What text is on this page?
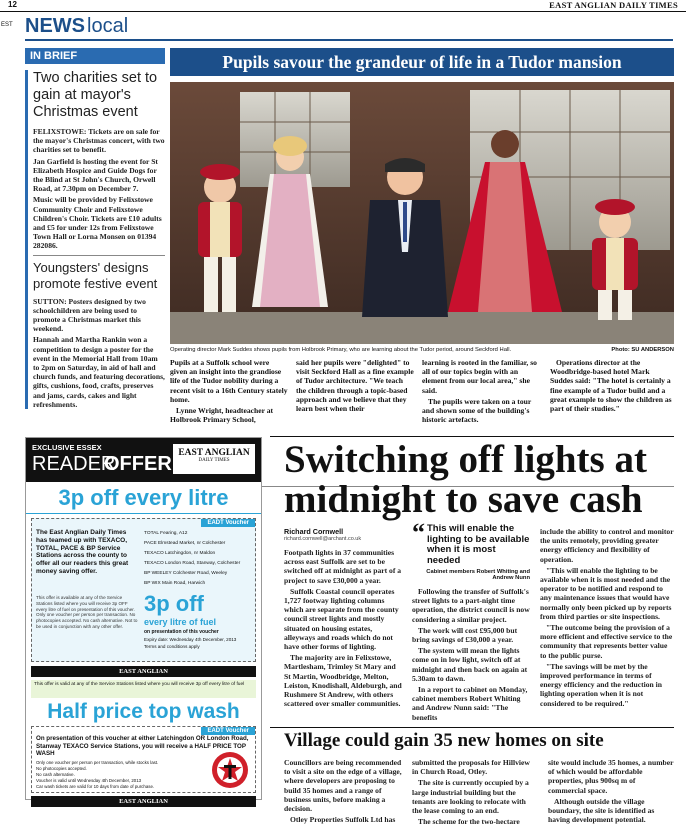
12	EAST ANGLIAN DAILY TIMES
EST NEWS local
IN BRIEF
Two charities set to gain at mayor's Christmas event

FELIXSTOWE: Tickets are on sale for the mayor's Christmas concert, with two charities set to benefit.

Jan Garfield is hosting the event for St Elizabeth Hospice and Guide Dogs for the Blind at St John's Church, Orwell Road, at 7.30pm on December 7.

Music will be provided by Felixstowe Community Choir and Felixstowe Children's Choir. Tickets are £10 adults and £5 for under 12s from Felixstowe Town Hall or Lorna Monsen on 01394 282086.

Youngsters' designs promote festive event

SUTTON: Posters designed by two schoolchildren are being used to promote a Christmas market this weekend.

Hannah and Martha Rankin won a competition to design a poster for the event in the Memorial Hall from 10am to 2pm on Saturday, in aid of hall and church funds, and featuring decorations, gifts, cushions, food, crafts, preserves and jams, cards, cakes and light refreshments.

Pupils savour the grandeur of life in a Tudor mansion
Operating director Mark Suddes shows pupils from Holbrook Primary, who are learning about the Tudor period, around Seckford Hall.	Photo: SU ANDERSON

Pupils at a Suffolk school were given an insight into the grandiose life of the Tudor nobility during a recent visit to a 16th Century stately home.

Lynne Wright, headteacher at Holbrook Primary School,

said her pupils were "delighted" to visit Seckford Hall as a fine example of Tudor architecture. "We teach the children through a topic-based approach and we believe that they learn best when their

learning is rooted in the familiar, so all of our topics begin with an element from our local area," she said.

The pupils were taken on a tour and shown some of the building's historic artefacts.

Operations director at the Woodbridge-based hotel Mark Suddes said: "The hotel is certainly a fine example of a Tudor build and a great example to show the children as part of their studies."

EXCLUSIVE ESSEX
READER
OFFER EAST ANGLIAN
DAILY TIMES
3p off every litre
EADT Voucher
The East Anglian Daily Times has teamed up with TEXACO, TOTAL, PACE & BP Service Stations across the county to offer all our readers this great money saving offer.
This offer is available at any of the Service Stations listed where you will receive 3p OFF every litre of fuel on presentation of this voucher. Only one voucher per person per transaction. No photocopies accepted. No cash alternative. Not to be used in conjunction with any other offer.
TOTAL Fearing, A12
PACE Elmstead Market, nr Colchester
TEXACO Latchingdon, nr Maldon
TEXACO London Road, Stanway, Colchester
BP WEELEY Colchester Road, Weeley
BP WIX Main Road, Harwich
3p off
every litre of fuel
on presentation of this voucher
Expiry date: Wednesday 4th December, 2013
Terms and conditions apply
EAST ANGLIAN
This offer is valid at any of the Service Stations listed where you will receive 3p off every litre of fuel
Half price top wash
EADT Voucher
On presentation of this voucher at either Latchingdon OR London Road, Stanway TEXACO Service Stations, you will receive a HALF PRICE TOP WASH
Only one voucher per person per transaction, while stocks last.
No photocopies accepted.
No cash alternative.
Voucher is valid until Wednesday 4th December, 2013
Car wash tickets are valid for 10 days from date of purchase.
EAST ANGLIAN
Switching off lights at midnight to save cash
Richard Cornwell
richard.cornwell@archant.co.uk

Footpath lights in 37 communities across east Suffolk are set to be switched off at midnight as part of a project to save £30,000 a year.

Suffolk Coastal council operates 1,727 footway lighting columns which are separate from the county council street lights and mostly situated on housing estates, alleyways and roads which do not have other forms of lighting.

The majority are in Felixstowe, Martlesham, Trimley St Mary and St Martin, Woodbridge, Melton, Leiston, Knodishall, Aldeburgh, and Rushmere St Andrew, with others scattered over smaller communities.

“ This will enable the lighting to be available when it is most needed
Cabinet members Robert Whiting and Andrew Nunn

Following the transfer of Suffolk's street lights to a part-night time operation, the district council is now considering a similar project.

The work will cost £95,000 but bring savings of £30,000 a year.

The system will mean the lights come on in low light, switch off at midnight and then back on again at 5.30am to dawn.

In a report to cabinet on Monday, cabinet members Robert Whiting and Andrew Nunn said: "The benefits

include the ability to control and monitor the units remotely, providing greater energy efficiency and flexibility of operation.

"This will enable the lighting to be available when it is most needed and the operator to be notified and respond to any maintenance issues that would have normally only been picked up by reports from third parties or site inspections.

"The outcome being the provision of a more efficient and effective service to the community that represents better value to the public purse.

"The savings will be met by the improved performance in terms of energy efficiency and the reduction in lighting operation when it is not considered to be required."

Village could gain 35 new homes on site

Councillors are being recommended to visit a site on the edge of a village, where developers are proposing to build 35 homes and a range of business units, before making a decision.

Otley Properties Suffolk Ltd has

submitted the proposals for Hillview in Church Road, Otley.

The site is currently occupied by a large industrial building but the tenants are looking to relocate with the lease coming to an end.

The scheme for the two-hectare

site would include 35 homes, a number of which would be affordable properties, plus 900sq m of commercial space.

Although outside the village boundary, the site is identified as having development potential.
